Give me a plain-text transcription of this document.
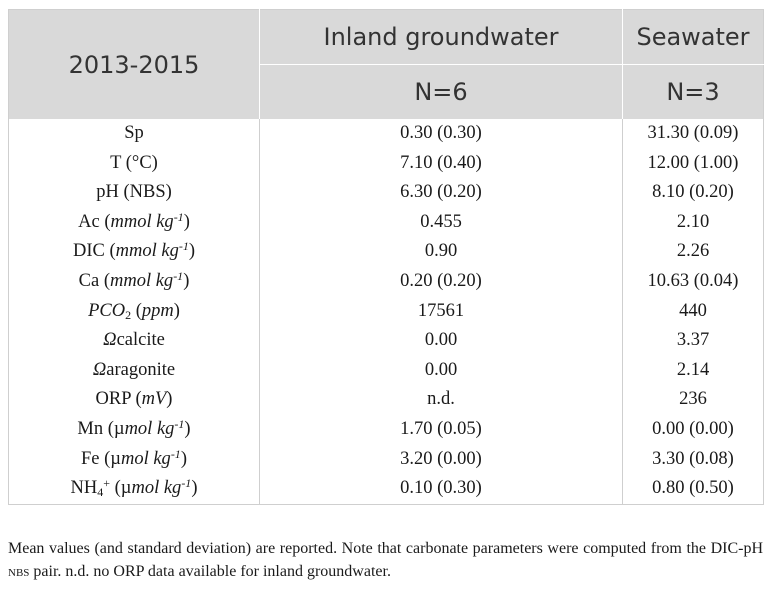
2013-2015	Inland groundwater	Seawater
	N=6	N=3
Sp	0.30 (0.30)	31.30 (0.09)
T (°C)	7.10 (0.40)	12.00 (1.00)
pH (NBS)	6.30 (0.20)	8.10 (0.20)
Ac (mmol $kg^{-1}$)	0.455	2.10
DIC (mmol $kg^{-1}$)	0.90	2.26
Ca (mmol $kg^{-1}$)	0.20 (0.20)	10.63 (0.04)
$PCO_2$ (ppm)	17561	440
Ωcalcite	0.00	3.37
Ωaragonite	0.00	2.14
ORP (mV)	n.d.	236
Mn (µmol $kg^{-1}$)	1.70 (0.05)	0.00 (0.00)
Fe (µmol $kg^{-1}$)	3.20 (0.00)	3.30 (0.08)
$NH_4^+$ (µmol $kg^{-1}$)	0.10 (0.30)	0.80 (0.50)
Mean values (and standard deviation) are reported. Note that carbonate parameters were computed from the DIC-pH NBS pair. n.d. no ORP data available for inland groundwater.
